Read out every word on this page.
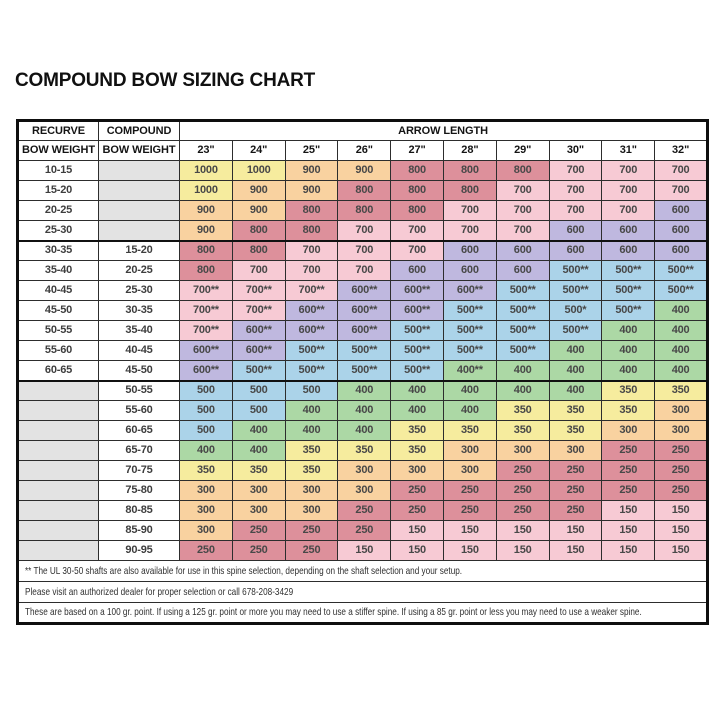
COMPOUND BOW SIZING CHART
RECURVE	COMPOUND	ARROW LENGTH									
BOW WEIGHT	BOW WEIGHT	23"	24"	25"	26"	27"	28"	29"	30"	31"	32"
10-15		1000	1000	900	900	800	800	800	700	700	700
15-20		1000	900	900	800	800	800	700	700	700	700
20-25		900	900	800	800	800	700	700	700	700	600
25-30		900	800	800	700	700	700	700	600	600	600
30-35	15-20	800	800	700	700	700	600	600	600	600	600
35-40	20-25	800	700	700	700	600	600	600	500**	500**	500**
40-45	25-30	700**	700**	700**	600**	600**	600**	500**	500**	500**	500**
45-50	30-35	700**	700**	600**	600**	600**	500**	500**	500*	500**	400
50-55	35-40	700**	600**	600**	600**	500**	500**	500**	500**	400	400
55-60	40-45	600**	600**	500**	500**	500**	500**	500**	400	400	400
60-65	45-50	600**	500**	500**	500**	500**	400**	400	400	400	400
	50-55	500	500	500	400	400	400	400	400	350	350
	55-60	500	500	400	400	400	400	350	350	350	300
	60-65	500	400	400	400	350	350	350	350	300	300
	65-70	400	400	350	350	350	300	300	300	250	250
	70-75	350	350	350	300	300	300	250	250	250	250
	75-80	300	300	300	300	250	250	250	250	250	250
	80-85	300	300	300	250	250	250	250	250	150	150
	85-90	300	250	250	250	150	150	150	150	150	150
	90-95	250	250	250	150	150	150	150	150	150	150
** The UL 30-50 shafts are also available for use in this spine selection, depending on the shaft selection and your setup.											
Please visit an authorized dealer for proper selection or call 678-208-3429											
These are based on a 100 gr. point. If using a 125 gr. point or more you may need to use a stiffer spine. If using a 85 gr. point or less you may need to use a weaker spine.											
